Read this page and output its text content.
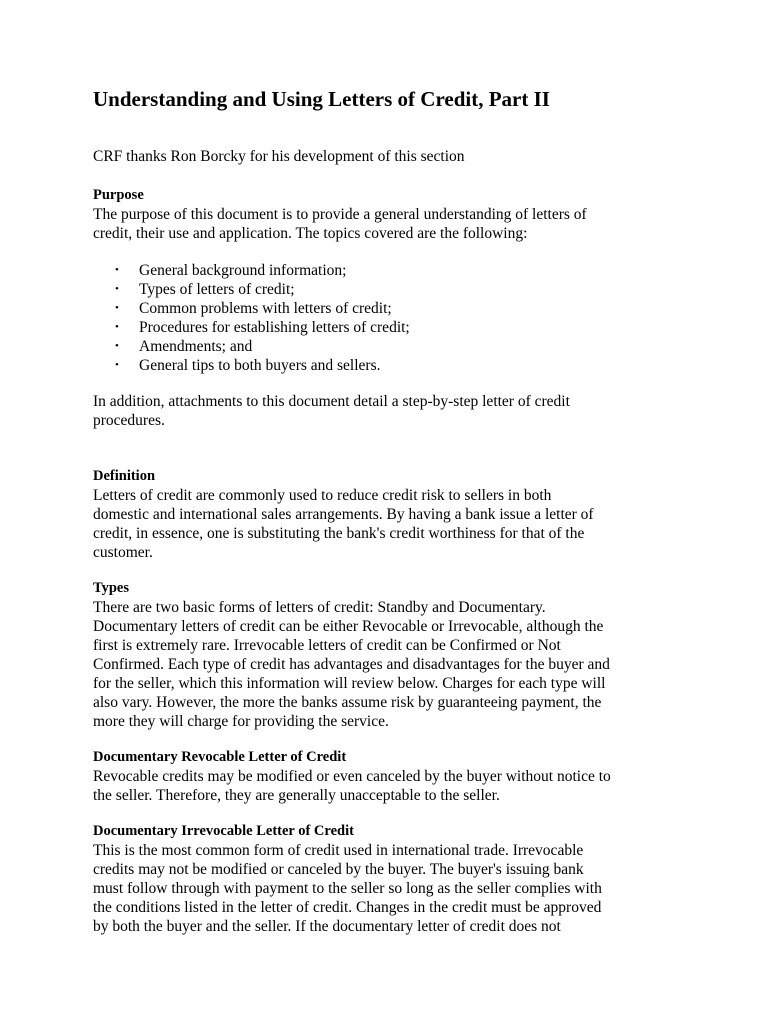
Understanding and Using Letters of Credit, Part II

CRF thanks Ron Borcky for his development of this section

Purpose
The purpose of this document is to provide a general understanding of letters of
credit, their use and application. The topics covered are the following:
• General background information;
• Types of letters of credit;
• Common problems with letters of credit;
• Procedures for establishing letters of credit;
• Amendments; and
• General tips to both buyers and sellers.
In addition, attachments to this document detail a step-by-step letter of credit
procedures.
Definition
Letters of credit are commonly used to reduce credit risk to sellers in both
domestic and international sales arrangements. By having a bank issue a letter of
credit, in essence, one is substituting the bank's credit worthiness for that of the
customer.
Types
There are two basic forms of letters of credit: Standby and Documentary.
Documentary letters of credit can be either Revocable or Irrevocable, although the
first is extremely rare. Irrevocable letters of credit can be Confirmed or Not
Confirmed. Each type of credit has advantages and disadvantages for the buyer and
for the seller, which this information will review below. Charges for each type will
also vary. However, the more the banks assume risk by guaranteeing payment, the
more they will charge for providing the service.
Documentary Revocable Letter of Credit
Revocable credits may be modified or even canceled by the buyer without notice to
the seller. Therefore, they are generally unacceptable to the seller.
Documentary Irrevocable Letter of Credit
This is the most common form of credit used in international trade. Irrevocable
credits may not be modified or canceled by the buyer. The buyer's issuing bank
must follow through with payment to the seller so long as the seller complies with
the conditions listed in the letter of credit. Changes in the credit must be approved
by both the buyer and the seller. If the documentary letter of credit does not
